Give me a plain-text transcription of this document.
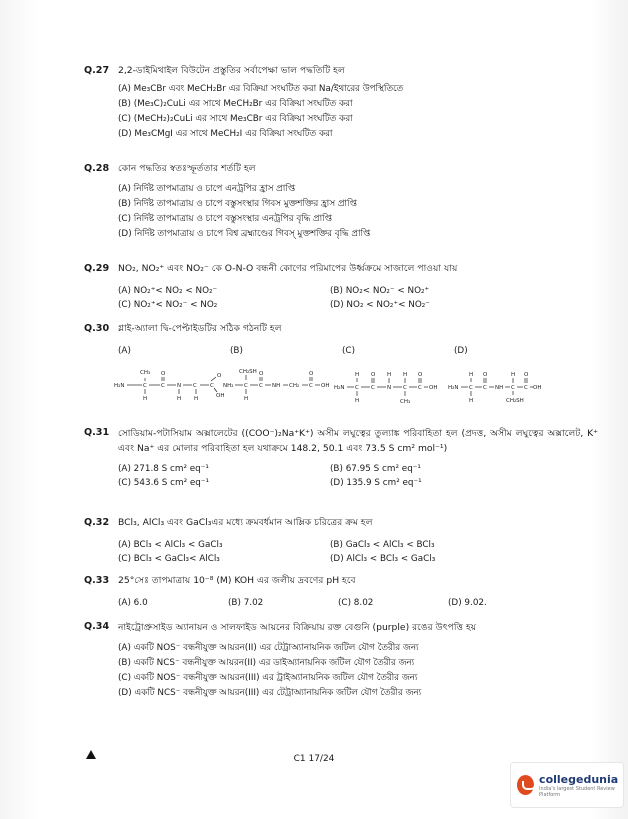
Q.27 2,2-ডাইমিথাইল বিউটেন প্রস্তুতির সর্বাপেক্ষা ভাল পদ্ধতিটি হল
(A) Me₃CBr এবং MeCH₂Br এর বিক্রিয়া সংঘটিত করা Na/ইথারের উপস্থিতিতে
(B) (Me₃C)₂CuLi এর সাথে MeCH₂Br এর বিক্রিয়া সংঘটিত করা
(C) (MeCH₂)₂CuLi এর সাথে Me₃CBr এর বিক্রিয়া সংঘটিত করা
(D) Me₃CMgI এর সাথে MeCH₂I এর বিক্রিয়া সংঘটিত করা
Q.28 কোন পদ্ধতির স্বতঃস্ফূর্ততার শর্তটি হল
(A) নির্দিষ্ট তাপমাত্রায় ও চাপে এনট্রপির হ্রাস প্রাপ্তি
(B) নির্দিষ্ট তাপমাত্রায় ও চাপে বস্তুসংস্থার গিবস মুক্তশক্তির হ্রাস প্রাপ্তি
(C) নির্দিষ্ট তাপমাত্রায় ও চাপে বস্তুসংস্থার এনট্রপির বৃদ্ধি প্রাপ্তি
(D) নির্দিষ্ট তাপমাত্রায় ও চাপে বিশ্ব ব্রহ্মাণ্ডের গিবস্ মুক্তশক্তির বৃদ্ধি প্রাপ্তি
Q.29 NO₂, NO₂⁺ এবং NO₂⁻ কে O-N-O বন্ধনী কোণের পরিমাপের উর্ধ্বক্রমে সাজালে পাওয়া যায়
(A) NO₂⁺< NO₂ < NO₂⁻	(B) NO₂< NO₂⁻ < NO₂⁺
(C) NO₂⁺< NO₂⁻ < NO₂	(D) NO₂ < NO₂⁺< NO₂⁻
Q.30 গ্লাই-অ্যালা দ্বি-পেপ্টাইডটির সঠিক গঠনটি হল
(A)	(B)	(C)	(D)
H₂N	C
CH₃
H
C
O
N
H
C
H
C
O
OH
CH₂SH
NH₂ C
H
C
O
NH CH₂ C
O
OH H₂N C
H
H
C
O
N
H
C
H
CH₃
C
O
OH H₂N C
H
H
C
O
NH C
H
CH₂SH
C
O
OH
Q.31 সোডিয়াম-পটাসিয়াম অক্সালেটের ((COO⁻)₂Na⁺K⁺) অসীম লঘুত্বের তুল্যাঙ্ক পরিবাহিতা হল (প্রদত্ত, অসীম লঘুত্বের অক্সালেট, K⁺ এবং Na⁺ এর মোলার পরিবাহিতা হল যথাক্রমে 148.2, 50.1 এবং 73.5 S cm² mol⁻¹)
(A) 271.8 S cm² eq⁻¹	(B) 67.95 S cm² eq⁻¹
(C) 543.6 S cm² eq⁻¹	(D) 135.9 S cm² eq⁻¹
Q.32 BCl₃, AlCl₃ এবং GaCl₃এর মধ্যে ক্রমবর্ধমান আম্লিক চরিত্রের ক্রম হল
(A) BCl₃ < AlCl₃ < GaCl₃	(B) GaCl₃ < AlCl₃ < BCl₃
(C) BCl₃ < GaCl₃< AlCl₃	(D) AlCl₃ < BCl₃ < GaCl₃
Q.33 25°সেঃ তাপমাত্রায় 10⁻⁸ (M) KOH এর জলীয় দ্রবণের pH হবে
(A) 6.0	(B) 7.02	(C) 8.02	(D) 9.02.
Q.34 নাইট্রোপ্রুসাইড অ্যানায়ন ও সালফাইড আয়নের বিক্রিয়ায় রক্ত বেগুনি (purple) রঙের উৎপত্তি হয়
(A) একটি NOS⁻ বন্ধনীযুক্ত আয়রন(II) এর টেট্রাঅ্যানায়নিক জটিল যৌগ তৈরীর জন্য
(B) একটি NCS⁻ বন্ধনীযুক্ত আয়রন(II) এর ডাইঅ্যানায়নিক জটিল যৌগ তৈরীর জন্য
(C) একটি NOS⁻ বন্ধনীযুক্ত আয়রন(III) এর ট্রাইঅ্যানায়নিক জটিল যৌগ তৈরীর জন্য
(D) একটি NCS⁻ বন্ধনীযুক্ত আয়রন(III) এর টেট্রাঅ্যানায়নিক জটিল যৌগ তৈরীর জন্য
C1 17/24
collegedunia
India's largest Student Review Platform
